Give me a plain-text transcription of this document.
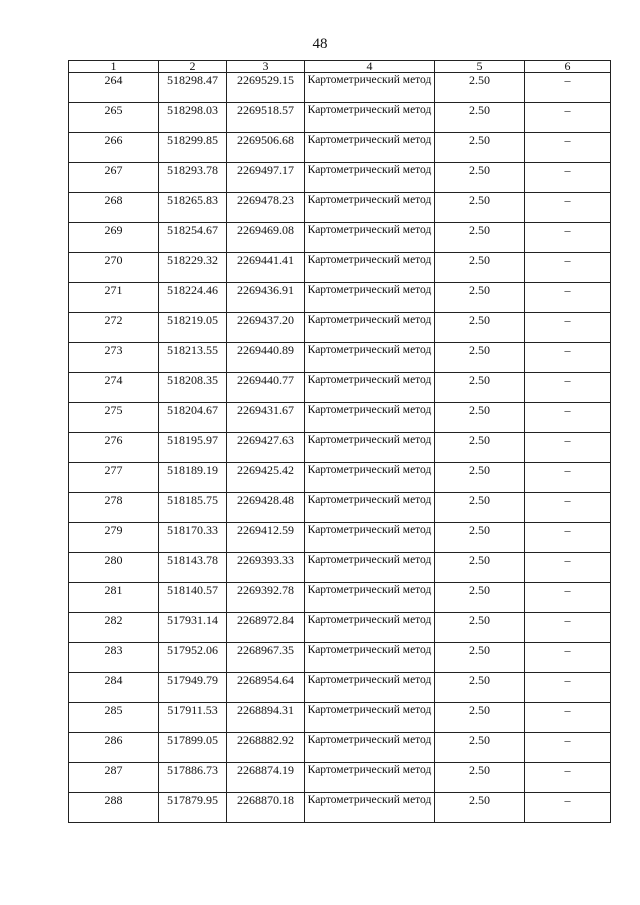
48
1	2	3	4	5	6
264	518298.47	2269529.15	Картометрический метод	2.50	–
265	518298.03	2269518.57	Картометрический метод	2.50	–
266	518299.85	2269506.68	Картометрический метод	2.50	–
267	518293.78	2269497.17	Картометрический метод	2.50	–
268	518265.83	2269478.23	Картометрический метод	2.50	–
269	518254.67	2269469.08	Картометрический метод	2.50	–
270	518229.32	2269441.41	Картометрический метод	2.50	–
271	518224.46	2269436.91	Картометрический метод	2.50	–
272	518219.05	2269437.20	Картометрический метод	2.50	–
273	518213.55	2269440.89	Картометрический метод	2.50	–
274	518208.35	2269440.77	Картометрический метод	2.50	–
275	518204.67	2269431.67	Картометрический метод	2.50	–
276	518195.97	2269427.63	Картометрический метод	2.50	–
277	518189.19	2269425.42	Картометрический метод	2.50	–
278	518185.75	2269428.48	Картометрический метод	2.50	–
279	518170.33	2269412.59	Картометрический метод	2.50	–
280	518143.78	2269393.33	Картометрический метод	2.50	–
281	518140.57	2269392.78	Картометрический метод	2.50	–
282	517931.14	2268972.84	Картометрический метод	2.50	–
283	517952.06	2268967.35	Картометрический метод	2.50	–
284	517949.79	2268954.64	Картометрический метод	2.50	–
285	517911.53	2268894.31	Картометрический метод	2.50	–
286	517899.05	2268882.92	Картометрический метод	2.50	–
287	517886.73	2268874.19	Картометрический метод	2.50	–
288	517879.95	2268870.18	Картометрический метод	2.50	–
